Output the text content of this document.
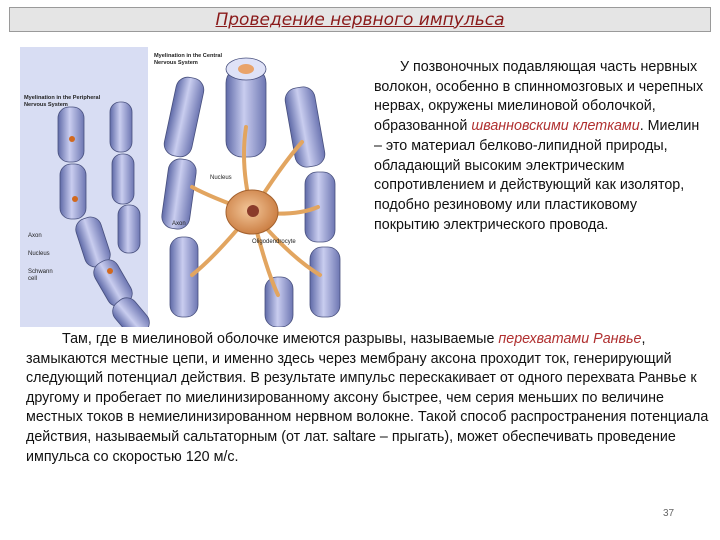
Проведение нервного импульса
Myelination in the Peripheral
Nervous System
Axon
Nucleus
Schwann
cell
Myelination in the Central
Nervous System
Nucleus
Axon
Oligodendrocyte

У позвоночных подавляющая часть нервных волокон, особенно в спинномозговых и черепных нервах, окружены миелиновой оболочкой, образованной шванновскими клетками. Миелин – это материал белково-липидной природы, обладающий высоким электрическим сопротивлением и действующий как изолятор, подобно резиновому или пластиковому покрытию электрического провода.

Там, где в миелиновой оболочке имеются разрывы, называемые перехватами Ранвье, замыкаются местные цепи, и именно здесь через мембрану аксона проходит ток, генерирующий следующий потенциал действия. В результате импульс перескакивает от одного перехвата Ранвье к другому и пробегает по миелинизированному аксону быстрее, чем серия меньших по величине местных токов в немиелинизированном нервном волокне. Такой способ распространения потенциала действия, называемый сальтаторным (от лат. saltare – прыгать), может обеспечивать проведение импульса со скоростью 120 м/с.

37
